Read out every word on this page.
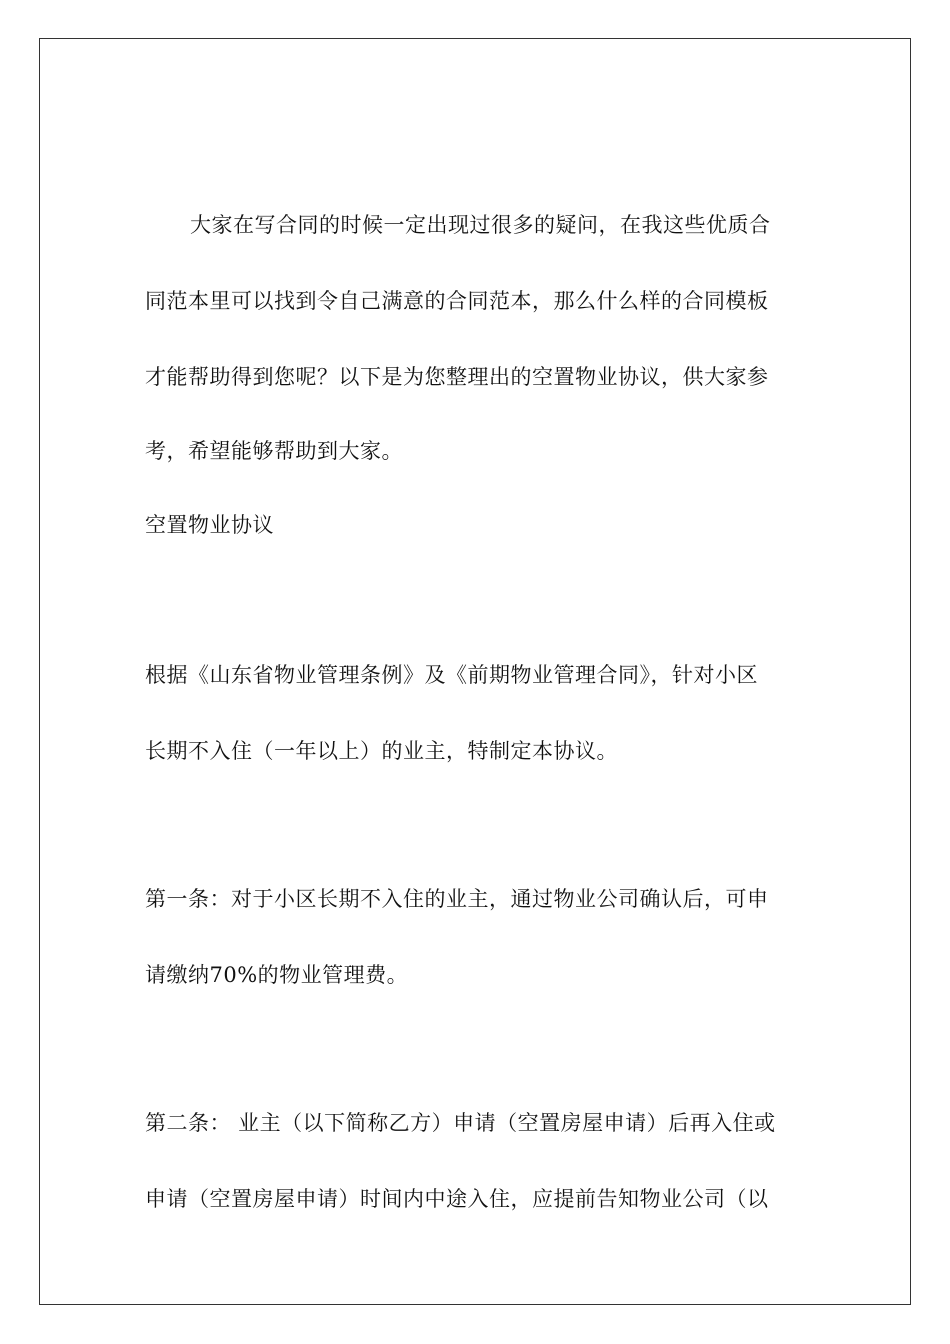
大家在写合同的时候一定出现过很多的疑问，在我这些优质合
同范本里可以找到令自己满意的合同范本，那么什么样的合同模板
才能帮助得到您呢？以下是为您整理出的空置物业协议，供大家参
考，希望能够帮助到大家。
空置物业协议
根据《山东省物业管理条例》及《前期物业管理合同》，针对小区
长期不入住（一年以上）的业主，特制定本协议。
第一条：对于小区长期不入住的业主，通过物业公司确认后，可申
请缴纳70%的物业管理费。
第二条： 业主（以下简称乙方）申请（空置房屋申请）后再入住或
申请（空置房屋申请）时间内中途入住，应提前告知物业公司（以
